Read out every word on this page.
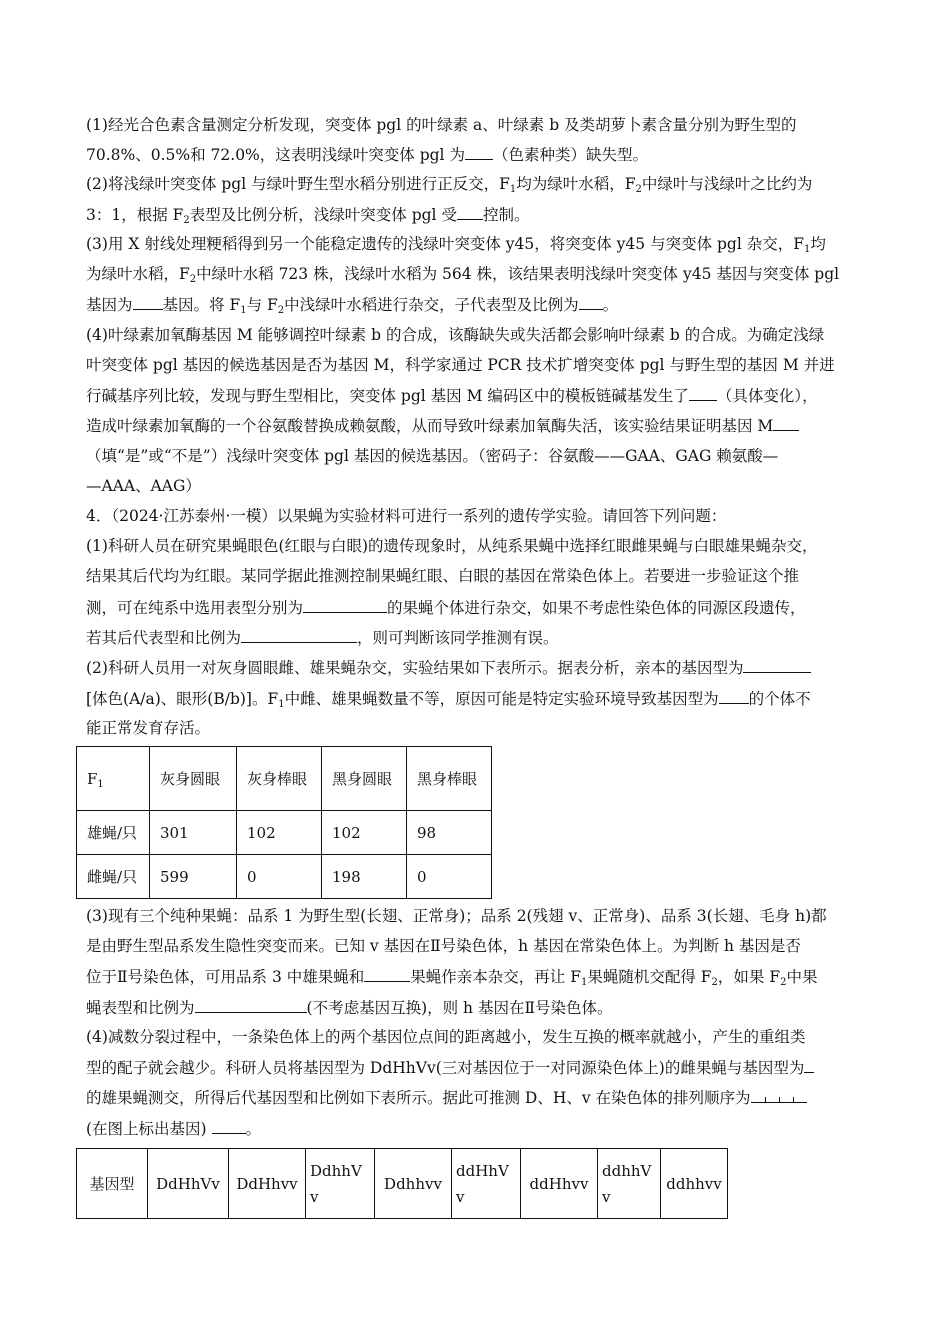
(1)经光合色素含量测定分析发现，突变体 pgl 的叶绿素 a、叶绿素 b 及类胡萝卜素含量分别为野生型的
70.8%、0.5%和 72.0%，这表明浅绿叶突变体 pgl 为 （色素种类）缺失型。
(2)将浅绿叶突变体 pgl 与绿叶野生型水稻分别进行正反交，$F_1$均为绿叶水稻，$F_2$中绿叶与浅绿叶之比约为
3：1，根据 $F_2$表型及比例分析，浅绿叶突变体 pgl 受 控制。
(3)用 X 射线处理粳稻得到另一个能稳定遗传的浅绿叶突变体 y45，将突变体 y45 与突变体 pgl 杂交，$F_1$均
为绿叶水稻，$F_2$中绿叶水稻 723 株，浅绿叶水稻为 564 株，该结果表明浅绿叶突变体 y45 基因与突变体 pgl
基因为 基因。将 $F_1$与 $F_2$中浅绿叶水稻进行杂交，子代表型及比例为 。
(4)叶绿素加氧酶基因 M 能够调控叶绿素 b 的合成，该酶缺失或失活都会影响叶绿素 b 的合成。为确定浅绿
叶突变体 pgl 基因的候选基因是否为基因 M，科学家通过 PCR 技术扩增突变体 pgl 与野生型的基因 M 并进
行碱基序列比较，发现与野生型相比，突变体 pgl 基因 M 编码区中的模板链碱基发生了 （具体变化），
造成叶绿素加氧酶的一个谷氨酸替换成赖氨酸，从而导致叶绿素加氧酶失活，该实验结果证明基因 M
（填“是”或“不是”）浅绿叶突变体 pgl 基因的候选基因。（密码子：谷氨酸——GAA、GAG 赖氨酸—
—AAA、AAG）
4．（2024·江苏泰州·一模）以果蝇为实验材料可进行一系列的遗传学实验。请回答下列问题：
(1)科研人员在研究果蝇眼色(红眼与白眼)的遗传现象时，从纯系果蝇中选择红眼雌果蝇与白眼雄果蝇杂交，
结果其后代均为红眼。某同学据此推测控制果蝇红眼、白眼的基因在常染色体上。若要进一步验证这个推
测，可在纯系中选用表型分别为	的果蝇个体进行杂交，如果不考虑性染色体的同源区段遗传，
若其后代表型和比例为	，则可判断该同学推测有误。
(2)科研人员用一对灰身圆眼雌、雄果蝇杂交，实验结果如下表所示。据表分析，亲本的基因型为
[体色(A/a)、眼形(B/b)]。$F_1$中雌、雄果蝇数量不等，原因可能是特定实验环境导致基因型为 的个体不
能正常发育存活。
$F_1$	灰身圆眼	灰身棒眼	黑身圆眼	黑身棒眼
雄蝇/只	301	102	102	98
雌蝇/只	599	0	198	0
(3)现有三个纯种果蝇：品系 1 为野生型(长翅、正常身)；品系 2(残翅 v、正常身)、品系 3(长翅、毛身 h)都
是由野生型品系发生隐性突变而来。已知 v 基因在Ⅱ号染色体，h 基因在常染色体上。为判断 h 基因是否
位于Ⅱ号染色体，可用品系 3 中雄果蝇和	果蝇作亲本杂交，再让 $F_1$果蝇随机交配得 $F_2$，如果 $F_2$中果
蝇表型和比例为	(不考虑基因互换)，则 h 基因在Ⅱ号染色体。
(4)减数分裂过程中，一条染色体上的两个基因位点间的距离越小，发生互换的概率就越小，产生的重组类
型的配子就会越少。科研人员将基因型为 DdHhVv(三对基因位于一对同源染色体上)的雌果蝇与基因型为
的雄果蝇测交，所得后代基因型和比例如下表所示。据此可推测 D、H、v 在染色体的排列顺序为
(在图上标出基因)	。
基因型	DdHhVv	DdHhvv	DdhhVv	Ddhhvv	ddHhVv	ddHhvv	ddhhVv	ddhhvv
